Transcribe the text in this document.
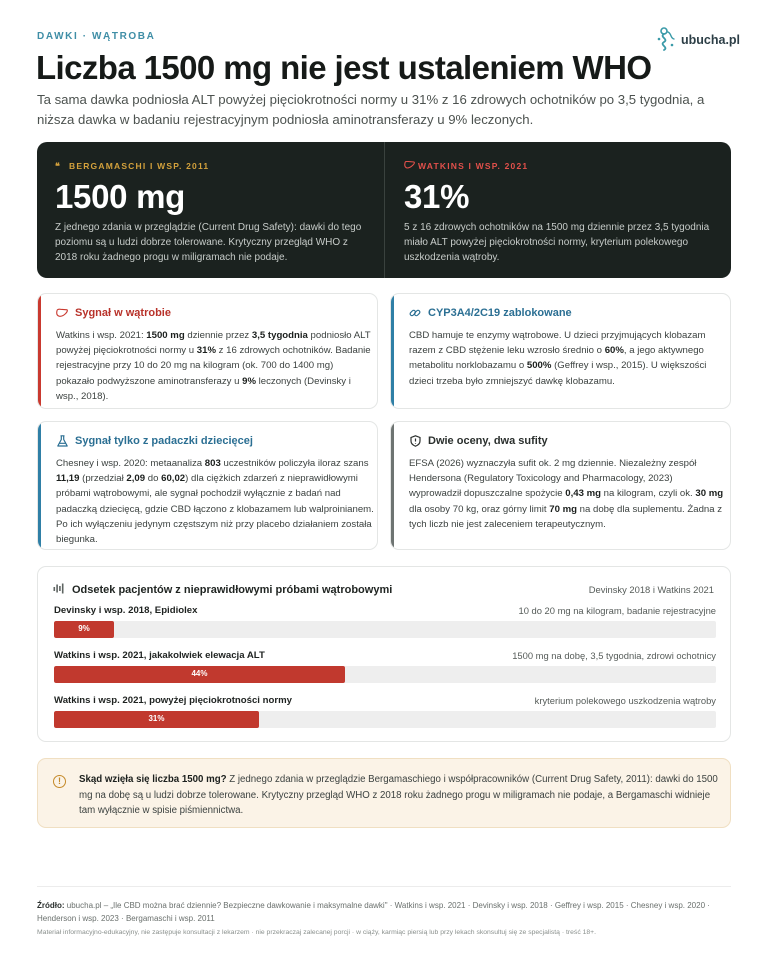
DAWKI · WĄTROBA	ubucha.pl
Liczba 1500 mg nie jest ustaleniem WHO

Ta sama dawka podniosła ALT powyżej pięciokrotności normy u 31% z 16 zdrowych ochotników po 3,5 tygodnia, a niższa dawka w badaniu rejestracyjnym podniosła aminotransferazy u 9% leczonych.

❝ BERGAMASCHI I WSP. 2011
1500 mg
Z jednego zdania w przeglądzie (Current Drug Safety): dawki do tego poziomu są u ludzi dobrze tolerowane. Krytyczny przegląd WHO z 2018 roku żadnego progu w miligramach nie podaje.
WATKINS I WSP. 2021
31%
5 z 16 zdrowych ochotników na 1500 mg dziennie przez 3,5 tygodnia miało ALT powyżej pięciokrotności normy, kryterium polekowego uszkodzenia wątroby.
Sygnał w wątrobie

Watkins i wsp. 2021: 1500 mg dziennie przez 3,5 tygodnia podniosło ALT powyżej pięciokrotności normy u 31% z 16 zdrowych ochotników. Badanie rejestracyjne przy 10 do 20 mg na kilogram (ok. 700 do 1400 mg) pokazało podwyższone aminotransferazy u 9% leczonych (Devinsky i wsp., 2018).

CYP3A4/2C19 zablokowane

CBD hamuje te enzymy wątrobowe. U dzieci przyjmujących klobazam razem z CBD stężenie leku wzrosło średnio o 60%, a jego aktywnego metabolitu norklobazamu o 500% (Geffrey i wsp., 2015). U większości dzieci trzeba było zmniejszyć dawkę klobazamu.

Sygnał tylko z padaczki dziecięcej

Chesney i wsp. 2020: metaanaliza 803 uczestników policzyła iloraz szans 11,19 (przedział 2,09 do 60,02) dla ciężkich zdarzeń z nieprawidłowymi próbami wątrobowymi, ale sygnał pochodził wyłącznie z badań nad padaczką dziecięcą, gdzie CBD łączono z klobazamem lub walproinianem. Po ich wyłączeniu jedynym częstszym niż przy placebo działaniem została biegunka.

Dwie oceny, dwa sufity

EFSA (2026) wyznaczyła sufit ok. 2 mg dziennie. Niezależny zespół Hendersona (Regulatory Toxicology and Pharmacology, 2023) wyprowadził dopuszczalne spożycie 0,43 mg na kilogram, czyli ok. 30 mg dla osoby 70 kg, oraz górny limit 70 mg na dobę dla suplementu. Żadna z tych liczb nie jest zaleceniem terapeutycznym.

Odsetek pacjentów z nieprawidłowymi próbami wątrobowymi	Devinsky 2018 i Watkins 2021
Devinsky i wsp. 2018, Epidiolex	10 do 20 mg na kilogram, badanie rejestracyjne
9%
Watkins i wsp. 2021, jakakolwiek elewacja ALT	1500 mg na dobę, 3,5 tygodnia, zdrowi ochotnicy
44%
Watkins i wsp. 2021, powyżej pięciokrotności normy	kryterium polekowego uszkodzenia wątroby
31%
!	Skąd wzięła się liczba 1500 mg? Z jednego zdania w przeglądzie Bergamaschiego i współpracowników (Current Drug Safety, 2011): dawki do 1500 mg na dobę są u ludzi dobrze tolerowane. Krytyczny przegląd WHO z 2018 roku żadnego progu w miligramach nie podaje, a Bergamaschi widnieje tam wyłącznie w spisie piśmiennictwa.

Źródło: ubucha.pl – „Ile CBD można brać dziennie? Bezpieczne dawkowanie i maksymalne dawki" · Watkins i wsp. 2021 · Devinsky i wsp. 2018 · Geffrey i wsp. 2015 · Chesney i wsp. 2020 · Henderson i wsp. 2023 · Bergamaschi i wsp. 2011

Materiał informacyjno-edukacyjny, nie zastępuje konsultacji z lekarzem · nie przekraczaj zalecanej porcji · w ciąży, karmiąc piersią lub przy lekach skonsultuj się ze specjalistą · treść 18+.
